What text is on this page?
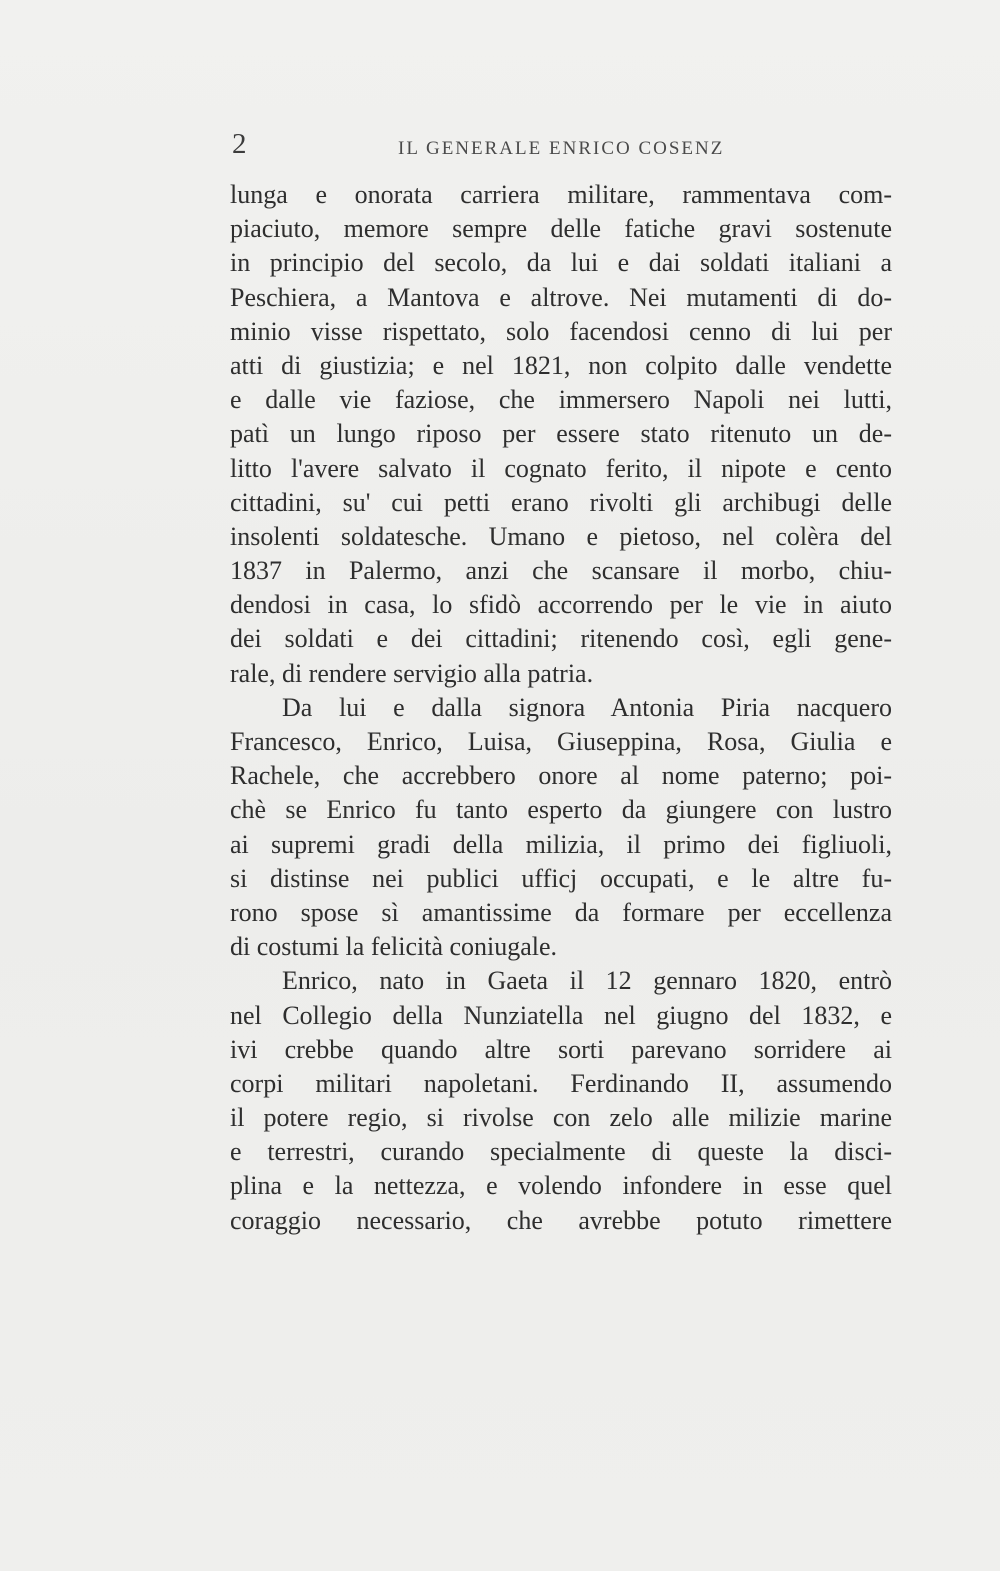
2	IL GENERALE ENRICO COSENZ
lunga e onorata carriera militare, rammentava com-
piaciuto, memore sempre delle fatiche gravi sostenute
in principio del secolo, da lui e dai soldati italiani a
Peschiera, a Mantova e altrove. Nei mutamenti di do-
minio visse rispettato, solo facendosi cenno di lui per
atti di giustizia; e nel 1821, non colpito dalle vendette
e dalle vie faziose, che immersero Napoli nei lutti,
patì un lungo riposo per essere stato ritenuto un de-
litto l'avere salvato il cognato ferito, il nipote e cento
cittadini, su' cui petti erano rivolti gli archibugi delle
insolenti soldatesche. Umano e pietoso, nel colèra del
1837 in Palermo, anzi che scansare il morbo, chiu-
dendosi in casa, lo sfidò accorrendo per le vie in aiuto
dei soldati e dei cittadini; ritenendo così, egli gene-
rale, di rendere servigio alla patria.
Da lui e dalla signora Antonia Piria nacquero
Francesco, Enrico, Luisa, Giuseppina, Rosa, Giulia e
Rachele, che accrebbero onore al nome paterno; poi-
chè se Enrico fu tanto esperto da giungere con lustro
ai supremi gradi della milizia, il primo dei figliuoli,
si distinse nei publici ufficj occupati, e le altre fu-
rono spose sì amantissime da formare per eccellenza
di costumi la felicità coniugale.
Enrico, nato in Gaeta il 12 gennaro 1820, entrò
nel Collegio della Nunziatella nel giugno del 1832, e
ivi crebbe quando altre sorti parevano sorridere ai
corpi militari napoletani. Ferdinando II, assumendo
il potere regio, si rivolse con zelo alle milizie marine
e terrestri, curando specialmente di queste la disci-
plina e la nettezza, e volendo infondere in esse quel
coraggio necessario, che avrebbe potuto rimettere
